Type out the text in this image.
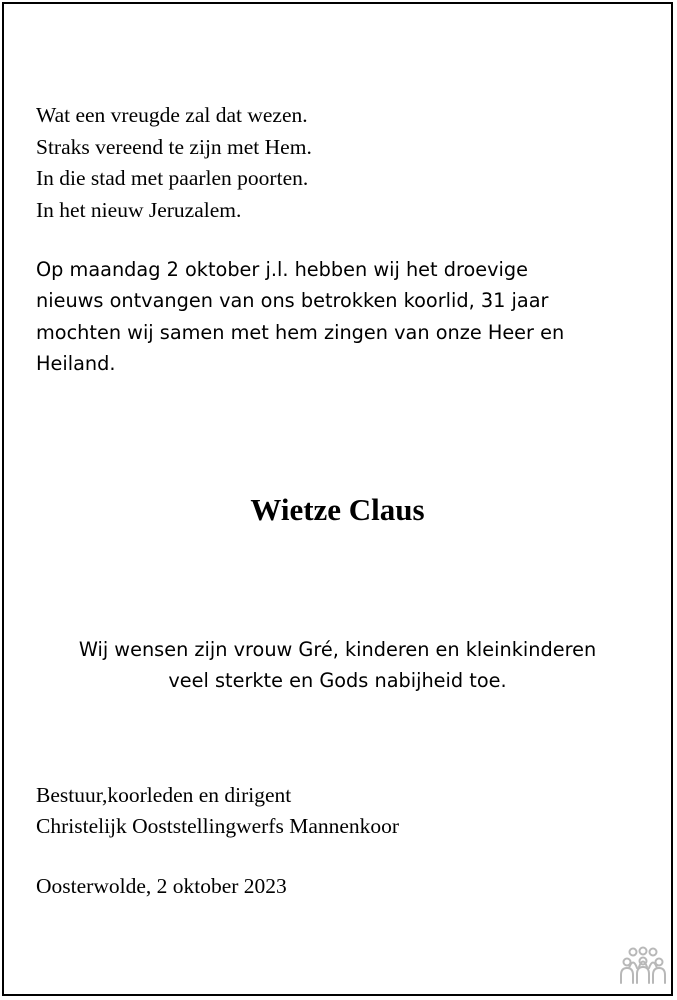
Wat een vreugde zal dat wezen.
Straks vereend te zijn met Hem.
In die stad met paarlen poorten.
In het nieuw Jeruzalem.

Op maandag 2 oktober j.l. hebben wij het droevige
nieuws ontvangen van ons betrokken koorlid, 31 jaar
mochten wij samen met hem zingen van onze Heer en
Heiland.

Wietze Claus

Wij wensen zijn vrouw Gré, kinderen en kleinkinderen
veel sterkte en Gods nabijheid toe.

Bestuur,koorleden en dirigent
Christelijk Ooststellingwerfs Mannenkoor

Oosterwolde, 2 oktober 2023
